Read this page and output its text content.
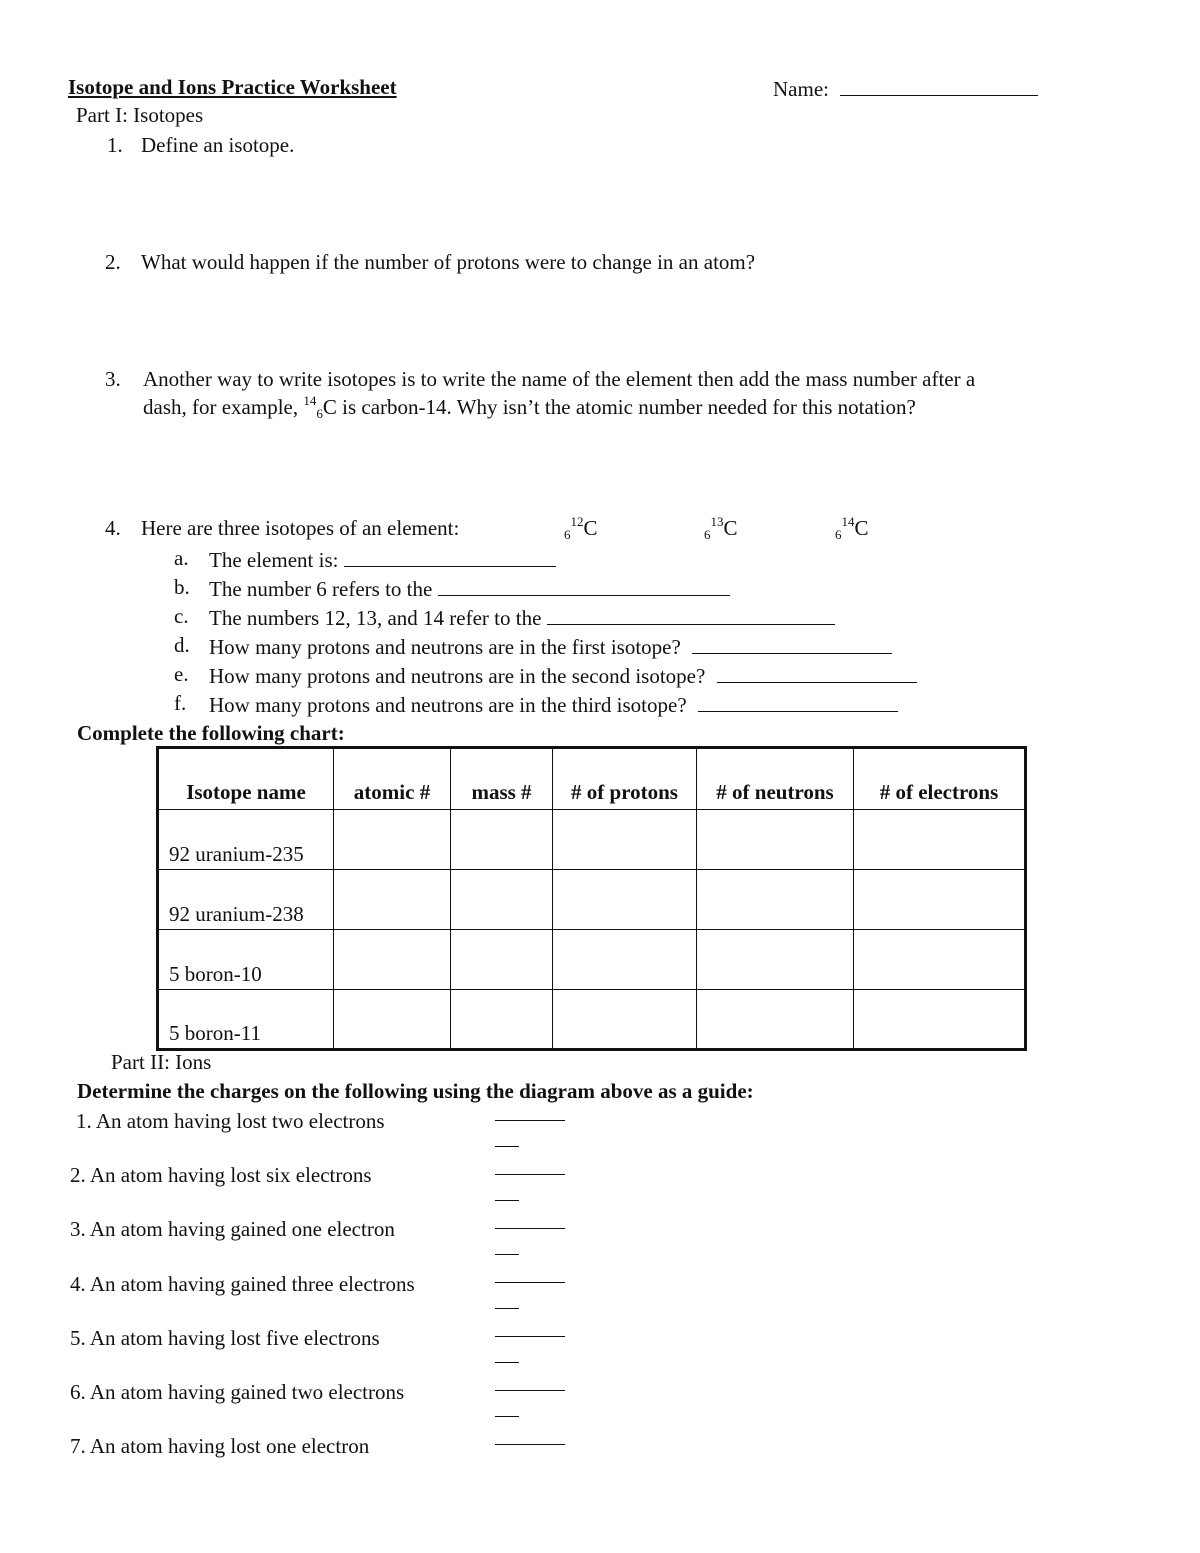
Isotope and Ions Practice Worksheet	Name:
Part I: Isotopes
1. Define an isotope.
2. What would happen if the number of protons were to change in an atom?
3. Another way to write isotopes is to write the name of the element then add the mass number after a
dash, for example, $^{14}_6$C is carbon-14. Why isn’t the atomic number needed for this notation?
4. Here are three isotopes of an element:	$_6^{12}$C	$_6^{13}$C	$_6^{14}$C
a. The element is:
b. The number 6 refers to the
c. The numbers 12, 13, and 14 refer to the
d. How many protons and neutrons are in the first isotope?
e. How many protons and neutrons are in the second isotope?
f. How many protons and neutrons are in the third isotope?
Complete the following chart:
Isotope name	atomic #	mass #	# of protons	# of neutrons	# of electrons
92 uranium-235					
92 uranium-238					
5 boron-10					
5 boron-11					
Part II: Ions
Determine the charges on the following using the diagram above as a guide:
1. An atom having lost two electrons
2. An atom having lost six electrons
3. An atom having gained one electron
4. An atom having gained three electrons
5. An atom having lost five electrons
6. An atom having gained two electrons
7. An atom having lost one electron
